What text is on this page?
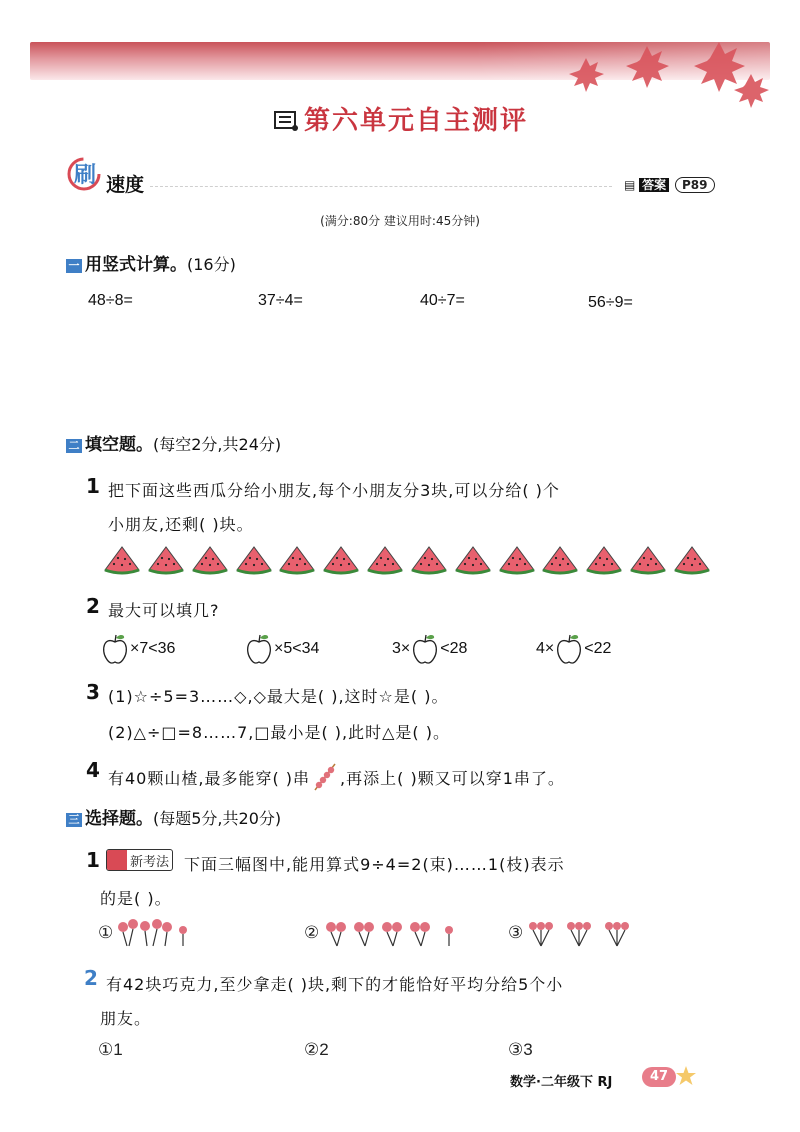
第六单元自主测评
刷 速度	▤ 答案 P89
(满分:80分 建议用时:45分钟)
一 用竖式计算。(16分)
48÷8=	37÷4=	40÷7=	56÷9=
二 填空题。(每空2分,共24分)
1 把下面这些西瓜分给小朋友,每个小朋友分3块,可以分给( )个
小朋友,还剩( )块。
2 最大可以填几?
×7<36	×5<34	3× <28	4× <22
3 (1)☆÷5=3……◇,◇最大是( ),这时☆是( )。
(2)△÷□=8……7,□最小是( ),此时△是( )。
4 有40颗山楂,最多能穿( )串 ,再添上( )颗又可以穿1串了。
三 选择题。(每题5分,共20分)
1 新考法 下面三幅图中,能用算式9÷4=2(束)……1(枝)表示
的是( )。
①	②	③
2 有42块巧克力,至少拿走( )块,剩下的才能恰好平均分给5个小
朋友。
①1	②2	③3
数学·二年级下 RJ	47
